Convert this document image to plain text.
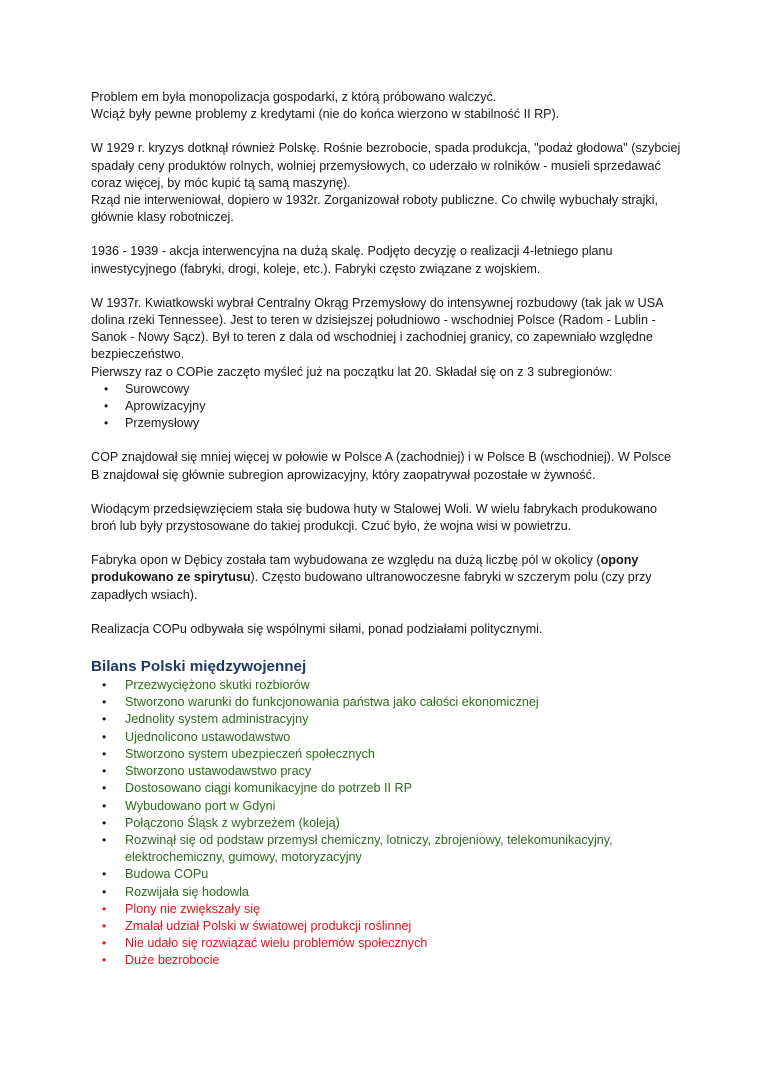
Problem em była monopolizacja gospodarki, z którą próbowano walczyć.

Wciąż były pewne problemy z kredytami (nie do końca wierzono w stabilność II RP).

W 1929 r. kryzys dotknął również Polskę. Rośnie bezrobocie, spada produkcja, "podaż głodowa" (szybciej spadały ceny produktów rolnych, wolniej przemysłowych, co uderzało w rolników - musieli sprzedawać coraz więcej, by móc kupić tą samą maszynę).

Rząd nie interweniował, dopiero w 1932r. Zorganizował roboty publiczne. Co chwilę wybuchały strajki, głównie klasy robotniczej.

1936 - 1939 - akcja interwencyjna na dużą skalę. Podjęto decyzję o realizacji 4-letniego planu inwestycyjnego (fabryki, drogi, koleje, etc.). Fabryki często związane z wojskiem.

W 1937r. Kwiatkowski wybrał Centralny Okrąg Przemysłowy do intensywnej rozbudowy (tak jak w USA dolina rzeki Tennessee). Jest to teren w dzisiejszej południowo - wschodniej Polsce (Radom - Lublin - Sanok - Nowy Sącz). Był to teren z dala od wschodniej i zachodniej granicy, co zapewniało względne bezpieczeństwo.

Pierwszy raz o COPie zaczęto myśleć już na początku lat 20. Składał się on z 3 subregionów:

• Surowcowy
• Aprowizacyjny
• Przemysłowy

COP znajdował się mniej więcej w połowie w Polsce A (zachodniej) i w Polsce B (wschodniej). W Polsce B znajdował się głównie subregion aprowizacyjny, który zaopatrywał pozostałe w żywność.

Wiodącym przedsięwzięciem stała się budowa huty w Stalowej Woli. W wielu fabrykach produkowano broń lub były przystosowane do takiej produkcji. Czuć było, że wojna wisi w powietrzu.

Fabryka opon w Dębicy została tam wybudowana ze względu na dużą liczbę pól w okolicy (opony produkowano ze spirytusu). Często budowano ultranowoczesne fabryki w szczerym polu (czy przy zapadłych wsiach).

Realizacja COPu odbywała się wspólnymi siłami, ponad podziałami politycznymi.

Bilans Polski międzywojennej
• Przezwyciężono skutki rozbiorów
• Stworzono warunki do funkcjonowania państwa jako całości ekonomicznej
• Jednolity system administracyjny
• Ujednolicono ustawodawstwo
• Stworzono system ubezpieczeń społecznych
• Stworzono ustawodawstwo pracy
• Dostosowano ciągi komunikacyjne do potrzeb II RP
• Wybudowano port w Gdyni
• Połączono Śląsk z wybrzeżem (koleją)
• Rozwinął się od podstaw przemysł chemiczny, lotniczy, zbrojeniowy, telekomunikacyjny, elektrochemiczny, gumowy, motoryzacyjny
• Budowa COPu
• Rozwijała się hodowla
• Plony nie zwiększały się
• Zmalał udział Polski w światowej produkcji roślinnej
• Nie udało się rozwiązać wielu problemów społecznych
• Duże bezrobocie
